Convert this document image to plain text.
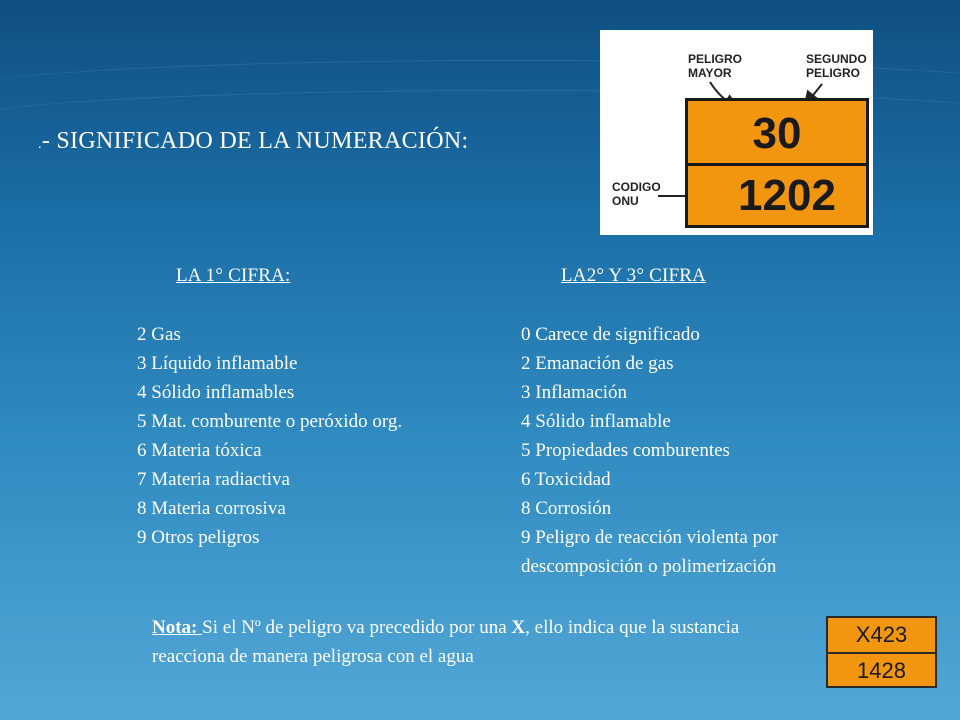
.- SIGNIFICADO DE LA NUMERACIÓN:
PELIGRO
MAYOR
SEGUNDO
PELIGRO
CODIGO
ONU
30
1202
LA 1° CIFRA:	LA2° Y 3° CIFRA
2 Gas
3 Líquido inflamable
4 Sólido inflamables
5 Mat. comburente o peróxido org.
6 Materia tóxica
7 Materia radiactiva
8 Materia corrosiva
9 Otros peligros
0 Carece de significado
2 Emanación de gas
3 Inflamación
4 Sólido inflamable
5 Propiedades comburentes
6 Toxicidad
8 Corrosión
9 Peligro de reacción violenta por
descomposición o polimerización
Nota: Si el Nº de peligro va precedido por una X, ello indica que la sustancia reacciona de manera peligrosa con el agua
X423
1428
